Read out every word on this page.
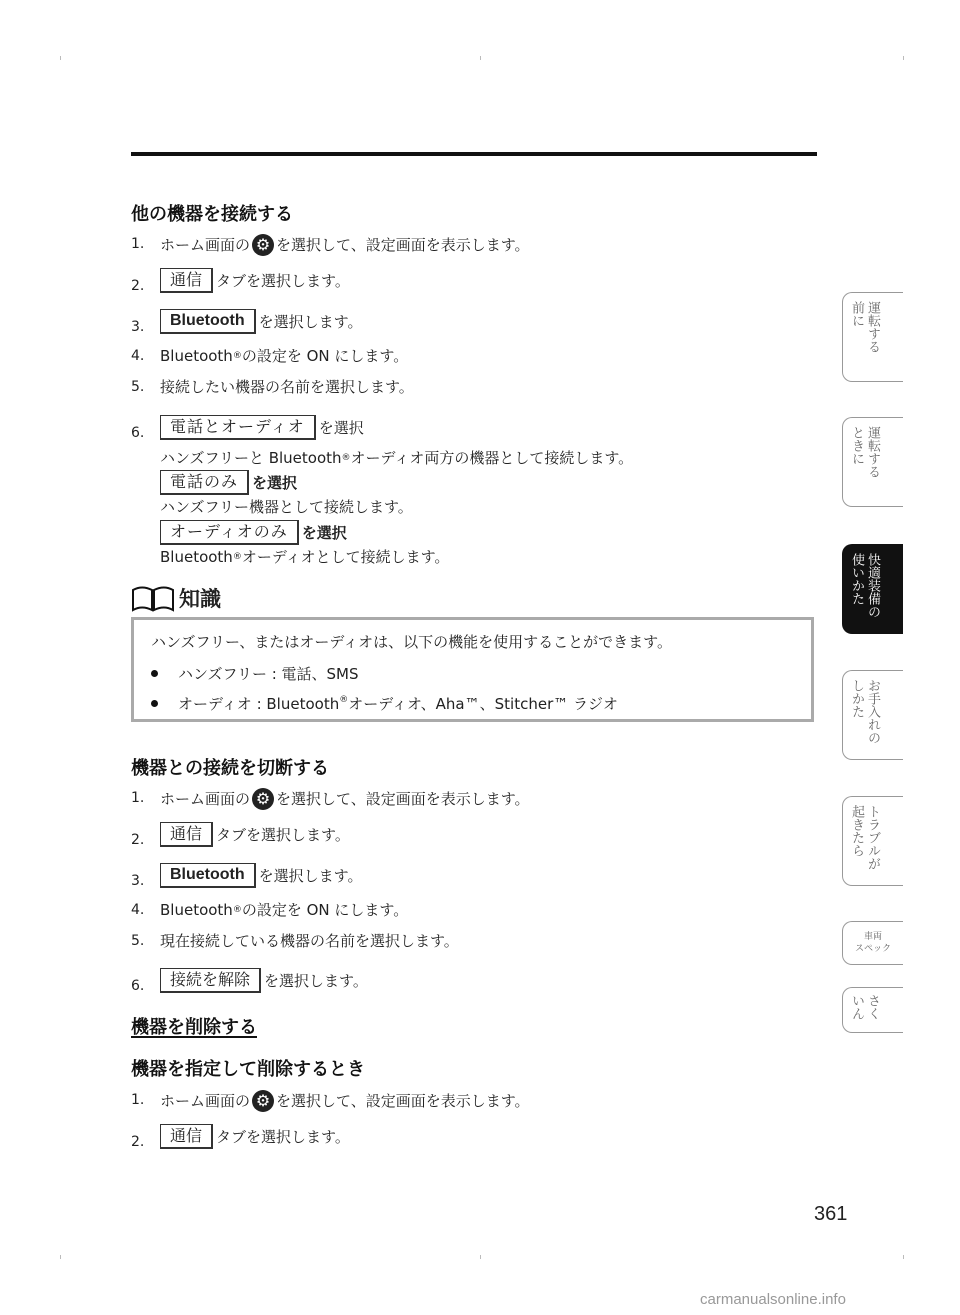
他の機器を接続する
1. ホーム画面の ⚙ を選択して、設定画面を表示します。
2.	通信 タブを選択します。
3.	Bluetooth を選択します。
4. Bluetooth ® の設定を ON にします。
5. 接続したい機器の名前を選択します。
6.	電話とオーディオ を選択
ハンズフリーと Bluetooth ® オーディオ両方の機器として接続します。
電話のみ を選択
ハンズフリー機器として接続します。
オーディオのみ を選択
Bluetooth ® オーディオとして接続します。
知識
ハンズフリー、またはオーディオは、以下の機能を使用することができます。
ハンズフリー : 電話、SMS
オーディオ : Bluetooth®オーディオ、Aha™、Stitcher™ ラジオ
機器との接続を切断する
1. ホーム画面の ⚙ を選択して、設定画面を表示します。
2.	通信 タブを選択します。
3.	Bluetooth を選択します。
4. Bluetooth ® の設定を ON にします。
5. 現在接続している機器の名前を選択します。
6.	接続を解除 を選択します。
機器を削除する
機器を指定して削除するとき
1. ホーム画面の ⚙ を選択して、設定画面を表示します。
2.	通信 タブを選択します。
運転する
前に
運転する
ときに
快適装備の
使いかた
お手入れの
しかた
トラブルが
起きたら
車両
スペック
さく
いん
361
carmanualsonline.info
